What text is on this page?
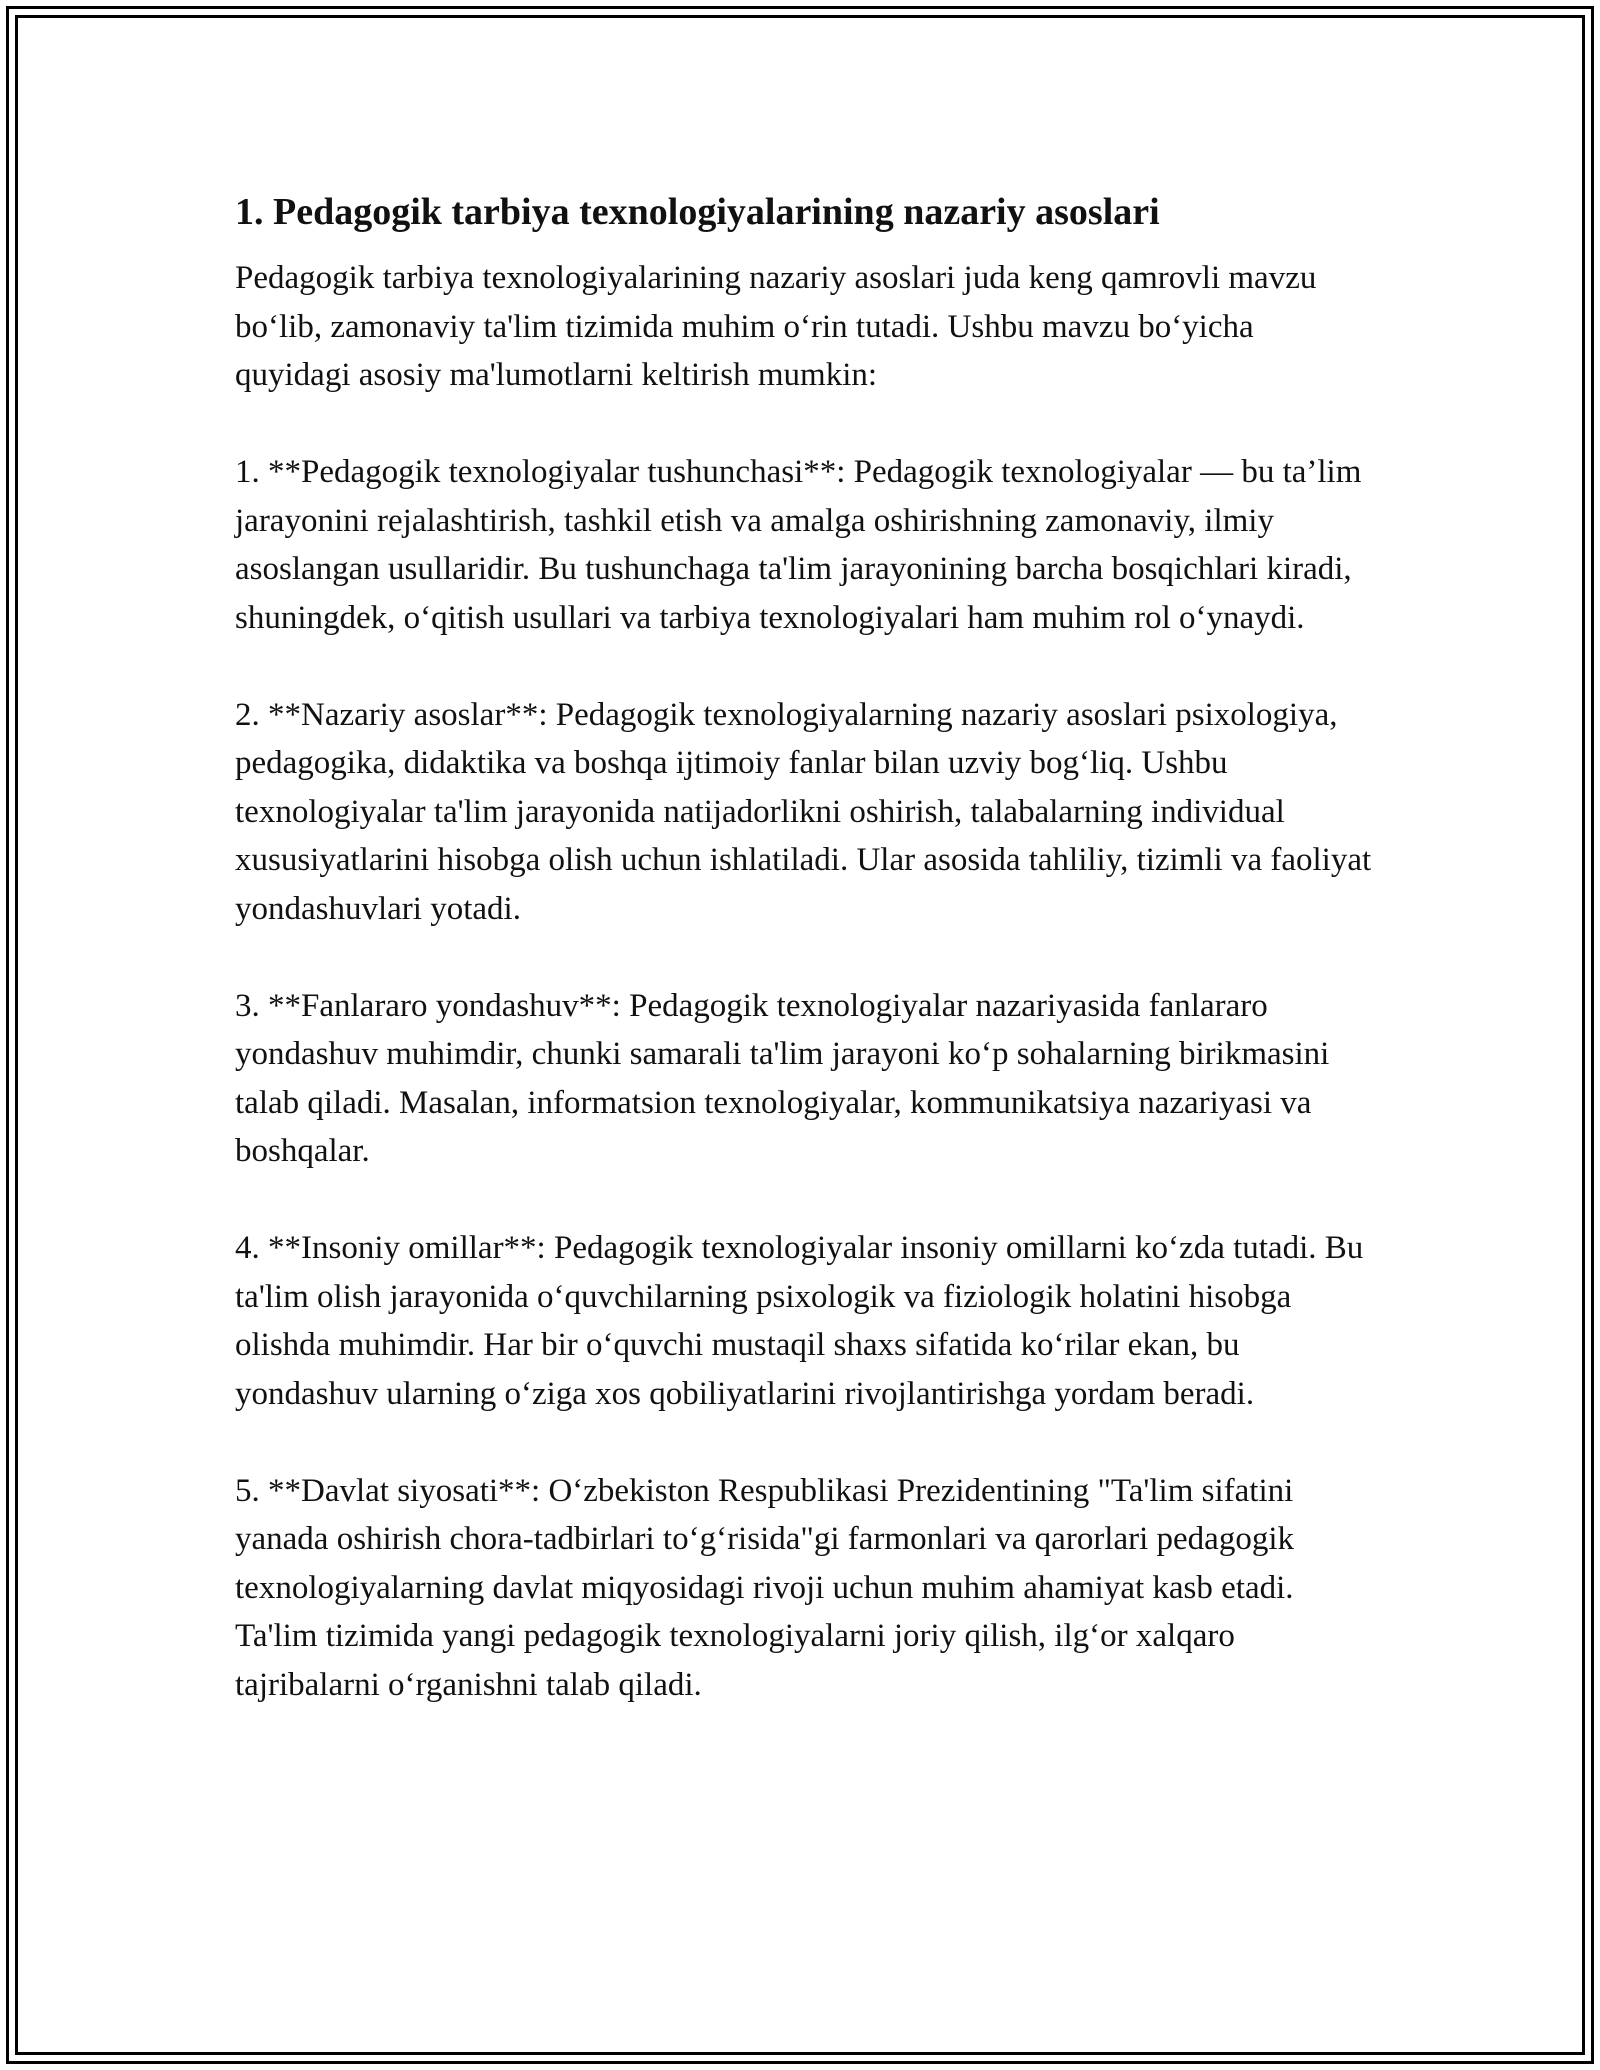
1. Pedagogik tarbiya texnologiyalarining nazariy asoslari

Pedagogik tarbiya texnologiyalarining nazariy asoslari juda keng qamrovli mavzu bo‘lib, zamonaviy ta'lim tizimida muhim o‘rin tutadi. Ushbu mavzu bo‘yicha quyidagi asosiy ma'lumotlarni keltirish mumkin:

1. **Pedagogik texnologiyalar tushunchasi**: Pedagogik texnologiyalar — bu ta’lim jarayonini rejalashtirish, tashkil etish va amalga oshirishning zamonaviy, ilmiy asoslangan usullaridir. Bu tushunchaga ta'lim jarayonining barcha bosqichlari kiradi, shuningdek, o‘qitish usullari va tarbiya texnologiyalari ham muhim rol o‘ynaydi.

2. **Nazariy asoslar**: Pedagogik texnologiyalarning nazariy asoslari psixologiya, pedagogika, didaktika va boshqa ijtimoiy fanlar bilan uzviy bog‘liq. Ushbu texnologiyalar ta'lim jarayonida natijadorlikni oshirish, talabalarning individual xususiyatlarini hisobga olish uchun ishlatiladi. Ular asosida tahliliy, tizimli va faoliyat yondashuvlari yotadi.

3. **Fanlararo yondashuv**: Pedagogik texnologiyalar nazariyasida fanlararo yondashuv muhimdir, chunki samarali ta'lim jarayoni ko‘p sohalarning birikmasini talab qiladi. Masalan, informatsion texnologiyalar, kommunikatsiya nazariyasi va boshqalar.

4. **Insoniy omillar**: Pedagogik texnologiyalar insoniy omillarni ko‘zda tutadi. Bu ta'lim olish jarayonida o‘quvchilarning psixologik va fiziologik holatini hisobga olishda muhimdir. Har bir o‘quvchi mustaqil shaxs sifatida ko‘rilar ekan, bu yondashuv ularning o‘ziga xos qobiliyatlarini rivojlantirishga yordam beradi.

5. **Davlat siyosati**: O‘zbekiston Respublikasi Prezidentining "Ta'lim sifatini yanada oshirish chora-tadbirlari to‘g‘risida"gi farmonlari va qarorlari pedagogik texnologiyalarning davlat miqyosidagi rivoji uchun muhim ahamiyat kasb etadi. Ta'lim tizimida yangi pedagogik texnologiyalarni joriy qilish, ilg‘or xalqaro tajribalarni o‘rganishni talab qiladi.
